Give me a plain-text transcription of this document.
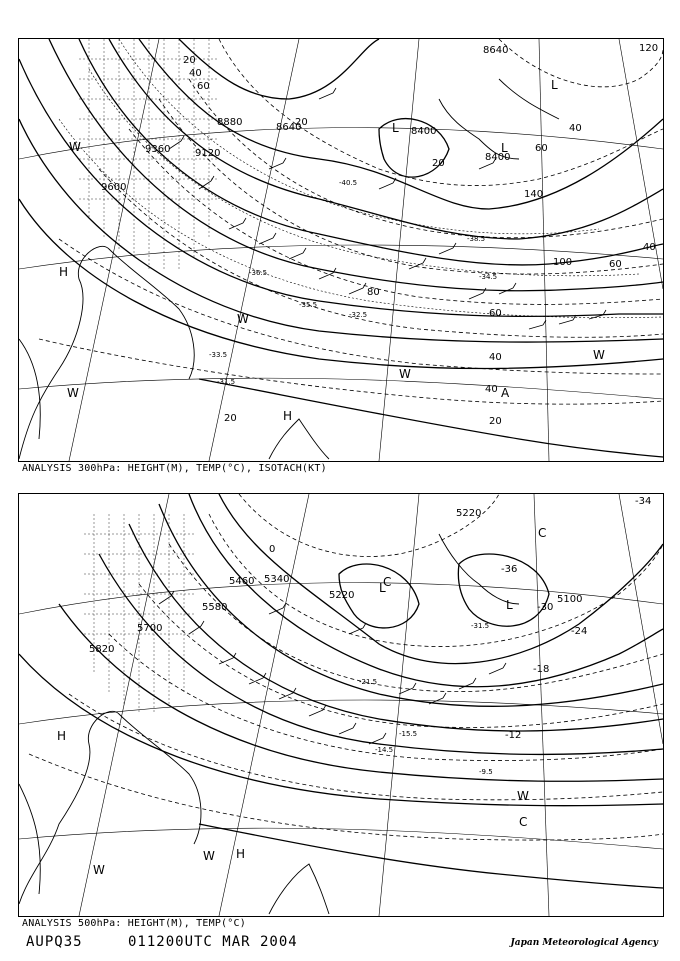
8640
8400
8400
8640
8880
9120
9360
9600
20
40
60
20
20
40
60
100
140
60
40
60
80
40
40
20
20
120
-40.5
-38.5
-36.5
-35.5
-33.5
-31.5
-32.5
-34.5
L
L
L
H
H
W
W
W
W
W
A
ANALYSIS 300hPa: HEIGHT(M), TEMP(°C), ISOTACH(KT)
5220
5100
5220
5340
5460
5580
5700
5820
-34
-36
-30
-24
-18
-12
0
-31.5
-21.5
-15.5
-14.5
-9.5
L
L
C
C
H
H
W
W
W
C
ANALYSIS 500hPa: HEIGHT(M), TEMP(°C)
AUPQ35	011200UTC MAR 2004	Japan Meteorological Agency
